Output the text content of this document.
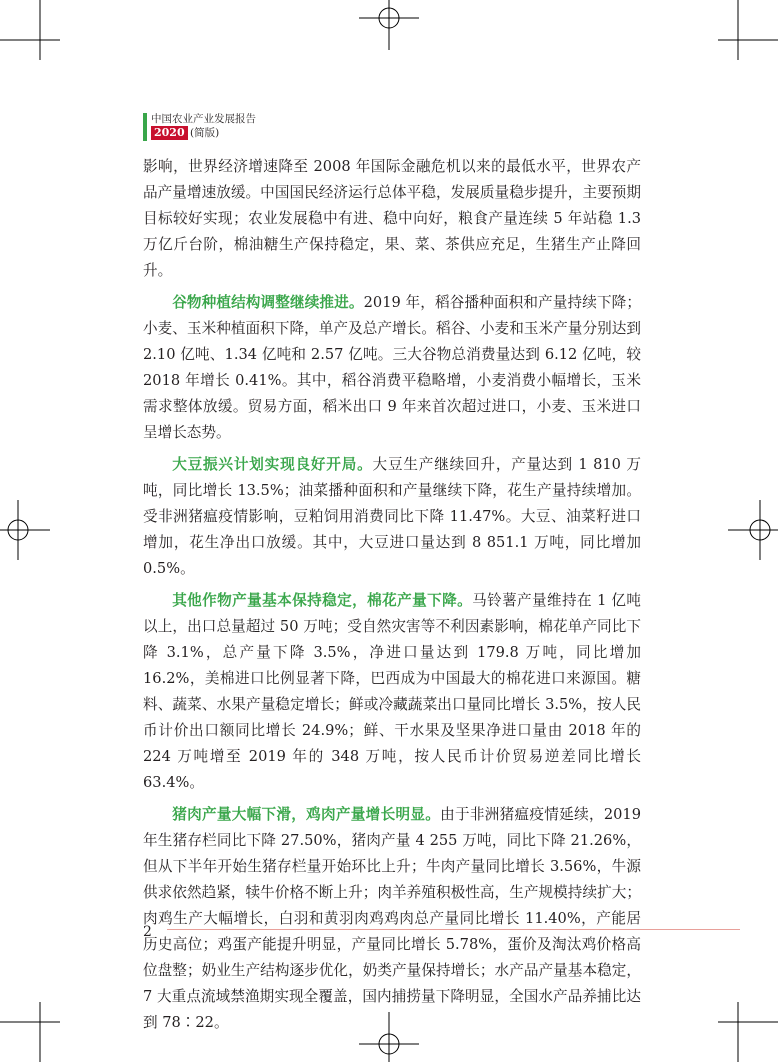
中国农业产业发展报告
2020 (简版)

影响，世界经济增速降至 2008 年国际金融危机以来的最低水平，世界农产品产量增速放缓。中国国民经济运行总体平稳，发展质量稳步提升，主要预期目标较好实现；农业发展稳中有进、稳中向好，粮食产量连续 5 年站稳 1.3 万亿斤台阶，棉油糖生产保持稳定，果、菜、茶供应充足，生猪生产止降回升。

谷物种植结构调整继续推进。2019 年，稻谷播种面积和产量持续下降；小麦、玉米种植面积下降，单产及总产增长。稻谷、小麦和玉米产量分别达到 2.10 亿吨、1.34 亿吨和 2.57 亿吨。三大谷物总消费量达到 6.12 亿吨，较 2018 年增长 0.41%。其中，稻谷消费平稳略增，小麦消费小幅增长，玉米需求整体放缓。贸易方面，稻米出口 9 年来首次超过进口，小麦、玉米进口呈增长态势。

大豆振兴计划实现良好开局。大豆生产继续回升，产量达到 1 810 万吨，同比增长 13.5%；油菜播种面积和产量继续下降，花生产量持续增加。受非洲猪瘟疫情影响，豆粕饲用消费同比下降 11.47%。大豆、油菜籽进口增加，花生净出口放缓。其中，大豆进口量达到 8 851.1 万吨，同比增加 0.5%。

其他作物产量基本保持稳定，棉花产量下降。马铃薯产量维持在 1 亿吨以上，出口总量超过 50 万吨；受自然灾害等不利因素影响，棉花单产同比下降 3.1%，总产量下降 3.5%，净进口量达到 179.8 万吨，同比增加 16.2%，美棉进口比例显著下降，巴西成为中国最大的棉花进口来源国。糖料、蔬菜、水果产量稳定增长；鲜或冷藏蔬菜出口量同比增长 3.5%，按人民币计价出口额同比增长 24.9%；鲜、干水果及坚果净进口量由 2018 年的 224 万吨增至 2019 年的 348 万吨，按人民币计价贸易逆差同比增长 63.4%。

猪肉产量大幅下滑，鸡肉产量增长明显。由于非洲猪瘟疫情延续，2019 年生猪存栏同比下降 27.50%，猪肉产量 4 255 万吨，同比下降 21.26%，但从下半年开始生猪存栏量开始环比上升；牛肉产量同比增长 3.56%，牛源供求依然趋紧，犊牛价格不断上升；肉羊养殖积极性高，生产规模持续扩大；肉鸡生产大幅增长，白羽和黄羽肉鸡鸡肉总产量同比增长 11.40%，产能居历史高位；鸡蛋产能提升明显，产量同比增长 5.78%，蛋价及淘汰鸡价格高位盘整；奶业生产结构逐步优化，奶类产量保持增长；水产品产量基本稳定，7 大重点流域禁渔期实现全覆盖，国内捕捞量下降明显，全国水产品养捕比达到 78∶22。

2
